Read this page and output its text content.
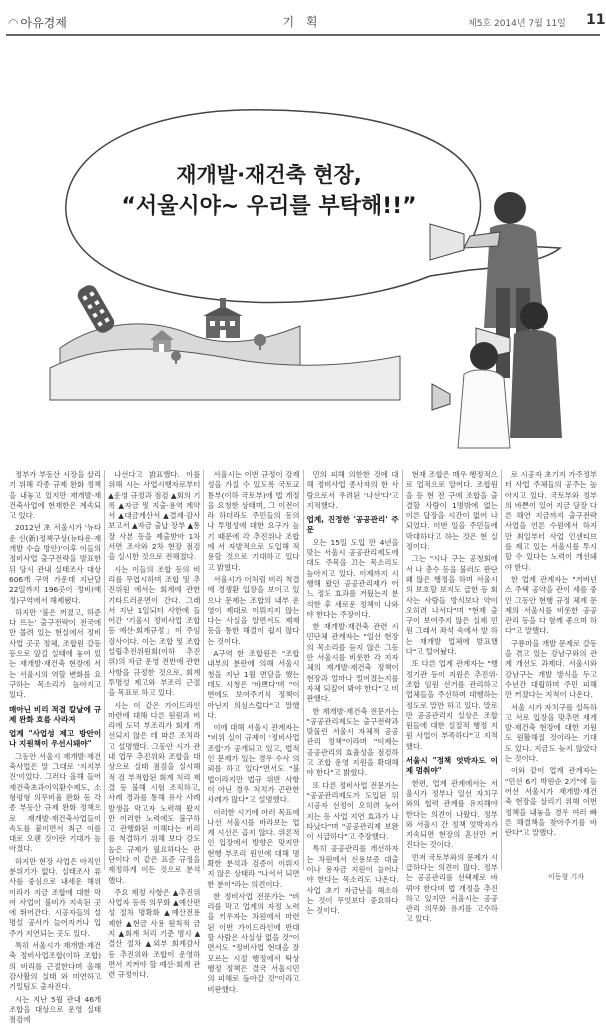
◠ 아유경제	기 획	제5호 2014년 7월 11일 11
재개발·재건축 현장,
“서울시야~ 우리를 부탁해!!”

정부가 부동산 시장을 살리기 위해 각종 규제 완화 정책을 내놓고 있지만 재개발·재건축사업에 현재한은 계속되고 있다.

2012년 초 서울시가 '뉴타운 신(新)정책구상(뉴타운·재개발 수습 방안)'이후 이들의 정비사업 출구전략을 발표한 뒤 당시 관내 실태조사 대상 606개 구역 가운데 지난달 22일까지 196곳이 정비(예정)구역에서 해제됐다.

하지만 '불은 꺼졌고, 하준 다 뜨는' 출구전략이 전국에만 몰려 있는 현실에서 정비사업 곳곳 정체, 조합원 갈등 등으로 앞길 실태에 놓여 있는 재개발·재건축 현장에 서는 서울시의 역할 변화를 요구하는 목소리가 높아지고 있다.

매아닌 비리 적결 칼날에 규제 완화 흐름 사라져

업계 "사업성 제고 방안이나 지원책이 우선시돼야"

그동안 서울시 재개발·재건축사업은 말 그대로 '지지부진'이었다. 그러다 올해 들어 재건축초과이익환수제도, 소형평형 의무비율 완화 등 각종 부동산 규제 완화 정책으로 재개발·재건축사업들이 속도를 붙이면서 최근 이를 대로 오랜 것이란 기대가 높아졌다.

하지만 현장 사업은 아직인 분위기가 없다. 실태조사 류사를 중심으로 내세운 해위이라가 지금 조합에 대한 막여 사업이 불비가 지속된 곳에 뛰어간다. 시공자들의 설명설 공사가 늘어지거나 입주가 지연되는 곳도 있다.

특히 서울시가 재개발·재건축 정비사업조합(이하 조합)의 비리를 근절한다며 올해 감사활의 실태 와 미연하고 기밀팀도 출자진다.

시는 지난 5월 관내 46개 조합을 대상으로 운영 실태 점검에

나선다고 밝표했다. 이를 위해 시는 사업시행자로부터 ▲운영 규정과 점검 ▲회의 기록 ▲자금 및 지출·용역 계약서 ▲대금계산서 ▲결재·감사보고서 ▲자금 출납 장부 ▲통장 사본 등을 제출받아 1차 서면 조사와 2차 현장 점검을 실시한 것으로 전해졌다.

시는 이들의 조합 등의 비리를 무엽시하며 조합 및 추진위원 에서는 회계에 관한 기타드러운면이 간다. 그래서 지난 1일되터 사한에 들어간 '기울시 정비사업 조합 등 예산·회계규정」이 주임검사이다. 이는 조합 및 조합설립추진위원회(이하 추진위)의 자금 운영 전반에 관한 사항을 규정한 것으로, 회계 투명성 제고와 부조리 근절을 목표로 하고 있다.

시는 이 같은 가이드라인 마련에 대해 다른 원원과 비리에 도덕 부조리가 회계 개선되지 않은 데 따른 조치라고 설명했다. 그동안 시가 관내 업무 추진위와 조합을 대상으로 실태 점검을 실시해 적 검 부적합된 회계 처리 제결 등 불해 시험 조직하고, 사례 경과를 통해 유사 사례 발생을 막고자 노력해 왔지만 이러한 노력에도 불구하고 관행화된 이해다는 비리를 척결하기 위해 보다 강도 높은 규제가 필요하다는 판단이다 이 같은 표준 규정을 제정하게 이든 것으로 분석했다.

주요 제정 사항은 ▲추진위 사업자 등록 의무화 ▲예산편성 절차 명확화 ▲예산전용 제한 ▲현금 사용 원칙적 금지 ▲회계 처리 기준 명시 ▲결산 절차 ▲외부 회계감사 등 추진위와 조합이 운영하면서 지켜야 할 예산·회계 관련 규정이다.

서울시는 이번 규정이 강제성을 가질 수 있도록 국토교통부(이하 국토부)에 법 개정을 요청한 상태며, 그 이전이라 하더라도 주민들의 동의나 투명성에 대한 요구가 높기 때문에 각 추진위나 조합에 서 자발적으로 도입해 적용할 것으로 기대하고 있다고 밝혔다.

서울시가 이처럼 비리 척결에 경쟁환 입장을 보이고 있으나 문제는 조합의 내부 운영이 제대로 이뤄지지 않는다는 사실을 알면서도 제재 등을 통한 해결이 쉽지 않다는 것이다.

A구역 한 조합원은 "조합 내부의 분란에 의해 서울시청을 지난 1월 면담을 했는데도 시청은 '바쁘다'며 "이번에도 보여주기식 정책이 아닌지 의심스럽다"고 말했다.

이에 대해 서울시 관계자는 "비위 실이 규제이 '정비사업 조합'가 공개되고 있고, 법적인 문제가 있는 경우 수사 의뢰를 하고 있다"면서도 "불법이라지만 법규 위반 사항이 아닌 경우 처치가 곤란한 사례가 많다"고 설명했다.

이러한 시기에 아러 목표에 나선 서울시를 바라보는 업계 시선은 곱지 않다. 위론적인 입장에서 방향은 맞지만 현행 부조리 원인에 대해 명확한 분석과 검증이 이뤄지지 않은 상태라 "나서서 되면 한 분이"라는 의견이다.

한 정비사업 전문가는 "비리를 막고 업계의 자정 노력을 키우자는 차원에서 마련된 이번 가이드라인에 반대할 사람은 사실상 없을 것"이면서도 "정비사업 현대을 잘 모르는 시절 행정에서 탁상행정 정책은 결국 서울시민의 피해로 돌아갈 것"이라고 비판했다.

민의 피해 의한한 것에 대해 정비사업 종사자의 한 사람으로서 우려된 '나선'다'고 지적했다.

업계, 진정한 '공공관리' 주문

오는 15일 도입 만 4년을 맞는 서울시 공공관리제도에 대도 주목을 끄는 목소리도 높아지고 있다. 이제까지 시행해 왔던 공공관리제가 어느 정도 효과를 거뒀는지 분석한 후 새로운 정책이 나와야 한다는 주장이다.

한 재개발·재건축 관련 시민단체 관계자는 "일선 현장의 목소리를 듣지 않은 그동안 서울시를 비롯한 각 지자체의 재개발·재건축 정책이 현장과 얼마나 멀어졌는지를 자체 되짚어 봐야 한다"고 비판했다.

한 재개발·재건축 전문가는 "공공관리제도는 출구전략과 맞물린 서울시 자체적 공공관리 정책"이라며 "이제는 공공관리의 효율성을 점검하고 조합 운영 지원을 확대해야 한다"고 밝혔다.

또 다른 정비사업 전문가는 "공공관리제도가 도입된 뒤 시공자 선정이 오히려 늦어지는 등 사업 지연 효과가 나타났다"며 "공공관리제 보완이 시급하다"고 주장했다.

특히 공공관리를 개선하자는 차원에서 신용보증 대출이나 용자금 지원이 늘어나야 한다는 목소리도 나온다. 사업 초기 자금난을 해소하는 것이 무엇보다 중요하다는 것이다.

현재 조합은 매우 행정적으로 업적으로 알어다. 조합원을 등 현 전 구에 조합을 출결할 사람이 1명밖에 없는 이른 답장을 시간이 없어 나 되었다. 이번 일을 주민들에 막대하다고 하는 것은 현 실정이다.

그는 "시나 구는 공청회에서 나 총수 등을 불러도 판단 왜 않은 행정을 하며 서울시의 보호할 보지도 급한 등 회사는 사람들 방식보다 약이 오히려 나서다"며 "현재 출구이 보여주지 않은 실제 민원 그래서 좌석 속에서 발 하는 재개발 업체에 발표했다"고 털어놨다.

또 다른 업계 관계자는 "행정기관 등이 지원은 추진위·조합 임원 선거를 관리하고 업체들을 주선하며 대행하는 정도로 말만 하고 있다. 말로만 공공관리지 실상은 조합원들에 대한 실질적 행정 지원 사업이 부족하다"고 지적했다.

서울시 "정책 엇박자도 이제 멈춰야"

한편, 업계 관계에서는 서울시가 정부나 일선 자치구와의 협력 관계를 유지해야 한다는 의견이 나왔다. 정부와 서울시 간 정책 엇박자가 지속되면 현장의 혼선만 커진다는 것이다.

먼저 국토부와의 문제가 시급하다는 의견이 많다. 정부는 공공관리를 선택제로 바꿔야 한다며 법 개정을 추진하고 있지만 서울시는 공공관리 의무화 유지를 고수하고 있다.

로 시공자 초기지 가주정부터 사업 주체들의 공주는 높아지고 있다. 국토부와 정부의 바쁜이 있어 지금 당장 다른 해연 지금까지 출구전략 사업을 언론 수원에서 하지만 최일부터 사업 인센티브를 제고 있는 서울시를 투시할 수 있다는 노력이 개선돼야 한다.

한 업계 관계자는 "거버넌스 주택 공약을 관이 세를 중인 그동안 현행 규정 체계 문제의 서울시를 비롯한 공공관리 등을 다 함께 좋으며 하다"고 말했다.

구룡마을 개발 문제로 갈등을 겪고 있는 강남구와의 관계 개선도 과제다. 서울시와 강남구는 개발 방식을 두고 수년간 대립하며 주민 피해만 커졌다는 지적이 나온다.

서울 시가 자치구를 설득하고 서로 입장을 맞추면 재개발·재건축 현장에 대한 지원도 원활해질 것이라는 기대도 있다. 지금도 늦지 않았다는 것이다.

이와 같이 업계 관계자는 "민선 6기 박원순 2기"에 들어선 서울시가 재개발·재건축 현장을 살리기 위해 이번 정책을 내놓을 경우 여러 빠른 해결책을 찾아주기를 바란다"고 말했다.

이동형 기자
